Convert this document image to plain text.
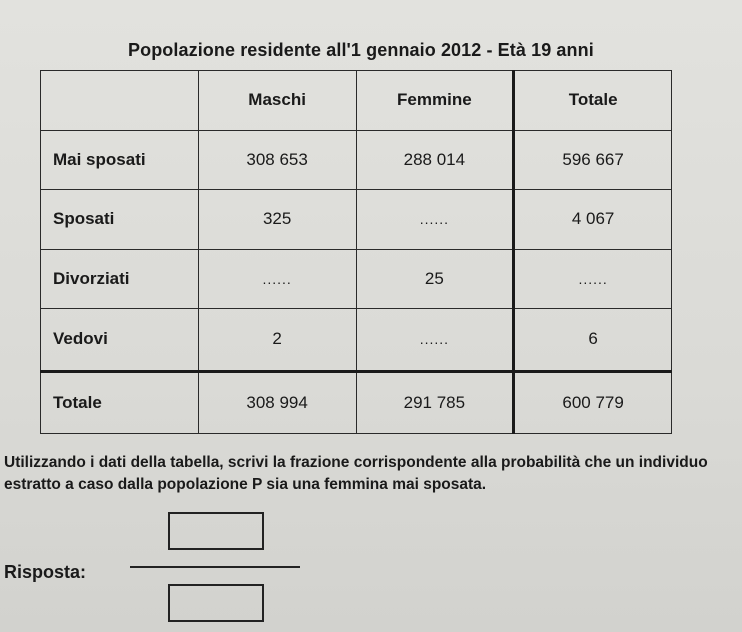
Popolazione residente all'1 gennaio 2012 - Età 19 anni
	Maschi	Femmine	Totale
Mai sposati	308 653	288 014	596 667
Sposati	325	......	4 067
Divorziati	......	25	......
Vedovi	2	......	6
Totale	308 994	291 785	600 779
Utilizzando i dati della tabella, scrivi la frazione corrispondente alla probabilità che un individuo estratto a caso dalla popolazione P sia una femmina mai sposata.
Risposta:
